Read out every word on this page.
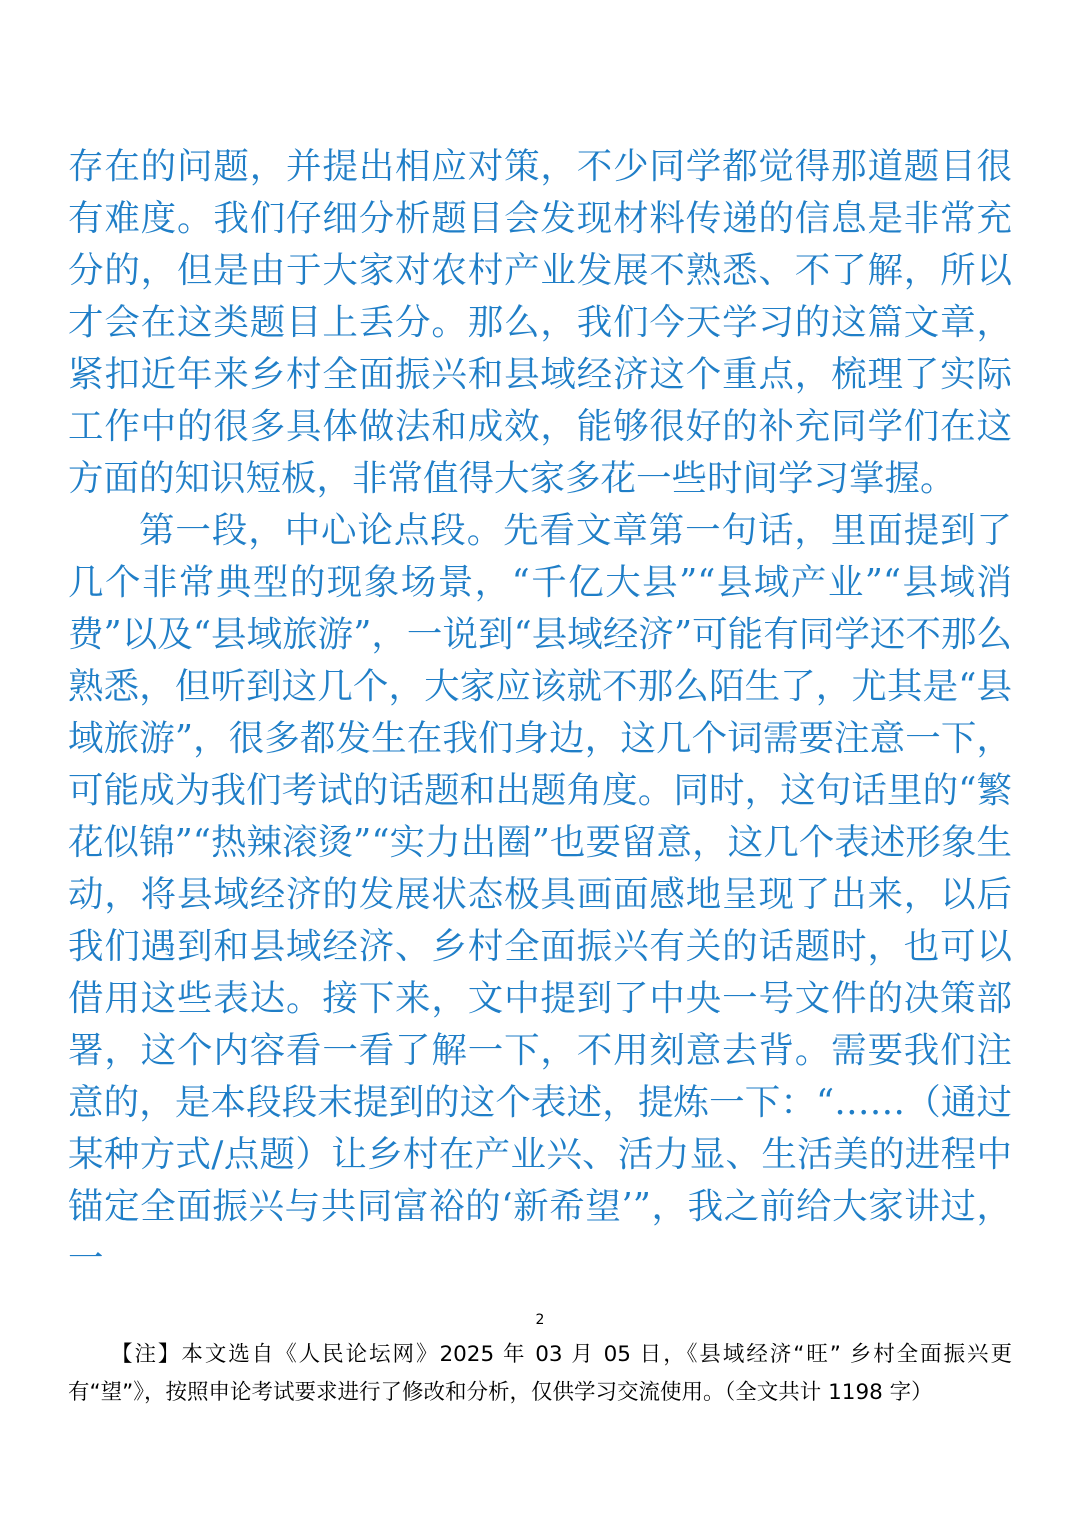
存在的问题，并提出相应对策，不少同学都觉得那道题目很有难度。我们仔细分析题目会发现材料传递的信息是非常充分的，但是由于大家对农村产业发展不熟悉、不了解，所以才会在这类题目上丢分。那么，我们今天学习的这篇文章，紧扣近年来乡村全面振兴和县域经济这个重点，梳理了实际工作中的很多具体做法和成效，能够很好的补充同学们在这方面的知识短板，非常值得大家多花一些时间学习掌握。

第一段，中心论点段。先看文章第一句话，里面提到了几个非常典型的现象场景，“千亿大县”“县域产业”“县域消费”以及“县域旅游”，一说到“县域经济”可能有同学还不那么熟悉，但听到这几个，大家应该就不那么陌生了，尤其是“县域旅游”，很多都发生在我们身边，这几个词需要注意一下，可能成为我们考试的话题和出题角度。同时，这句话里的“繁花似锦”“热辣滚烫”“实力出圈”也要留意，这几个表述形象生动，将县域经济的发展状态极具画面感地呈现了出来，以后我们遇到和县域经济、乡村全面振兴有关的话题时，也可以借用这些表达。接下来，文中提到了中央一号文件的决策部署，这个内容看一看了解一下，不用刻意去背。需要我们注意的，是本段段末提到的这个表述，提炼一下：“……（通过某种方式/点题）让乡村在产业兴、活力显、生活美的进程中锚定全面振兴与共同富裕的‘新希望’”，我之前给大家讲过，一

2

【注】本文选自《人民论坛网》2025 年 03 月 05 日，《县域经济“旺” 乡村全面振兴更有“望”》，按照申论考试要求进行了修改和分析，仅供学习交流使用。（全文共计 1198 字）
